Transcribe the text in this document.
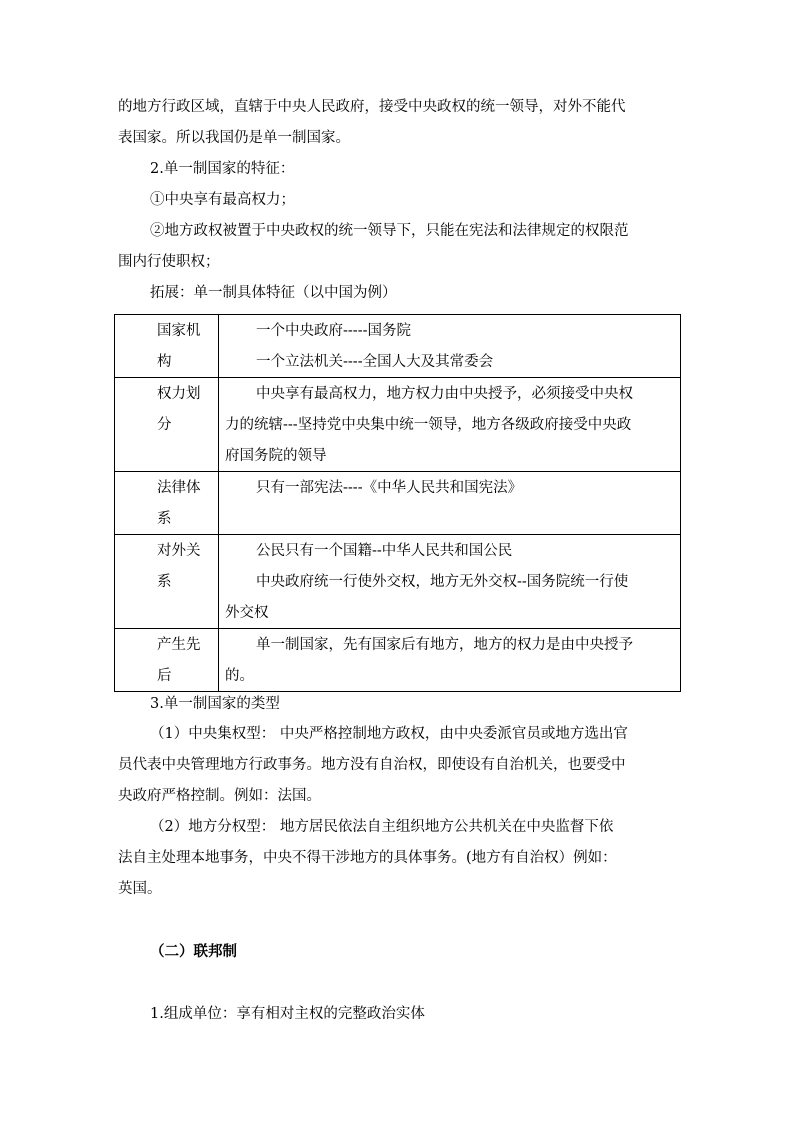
的地方行政区域，直辖于中央人民政府，接受中央政权的统一领导，对外不能代
表国家。所以我国仍是单一制国家。
2.单一制国家的特征：
①中央享有最高权力；
②地方政权被置于中央政权的统一领导下，只能在宪法和法律规定的权限范
围内行使职权；
拓展：单一制具体特征（以中国为例）
国家机
构	一个中央政府-----国务院
一个立法机关----全国人大及其常委会

权力划
分	中央享有最高权力，地方权力由中央授予，必须接受中央权
力的统辖---坚持党中央集中统一领导，地方各级政府接受中央政
府国务院的领导

法律体
系	只有一部宪法----《中华人民共和国宪法》

对外关
系	公民只有一个国籍--中华人民共和国公民
中央政府统一行使外交权，地方无外交权--国务院统一行使
外交权

产生先
后	单一制国家，先有国家后有地方，地方的权力是由中央授予
的。
3.单一制国家的类型
（1）中央集权型： 中央严格控制地方政权，由中央委派官员或地方选出官
员代表中央管理地方行政事务。地方没有自治权，即使设有自治机关，也要受中
央政府严格控制。例如：法国。
（2）地方分权型： 地方居民依法自主组织地方公共机关在中央监督下依
法自主处理本地事务，中央不得干涉地方的具体事务。(地方有自治权）例如：
英国。
（二）联邦制
1.组成单位：享有相对主权的完整政治实体
